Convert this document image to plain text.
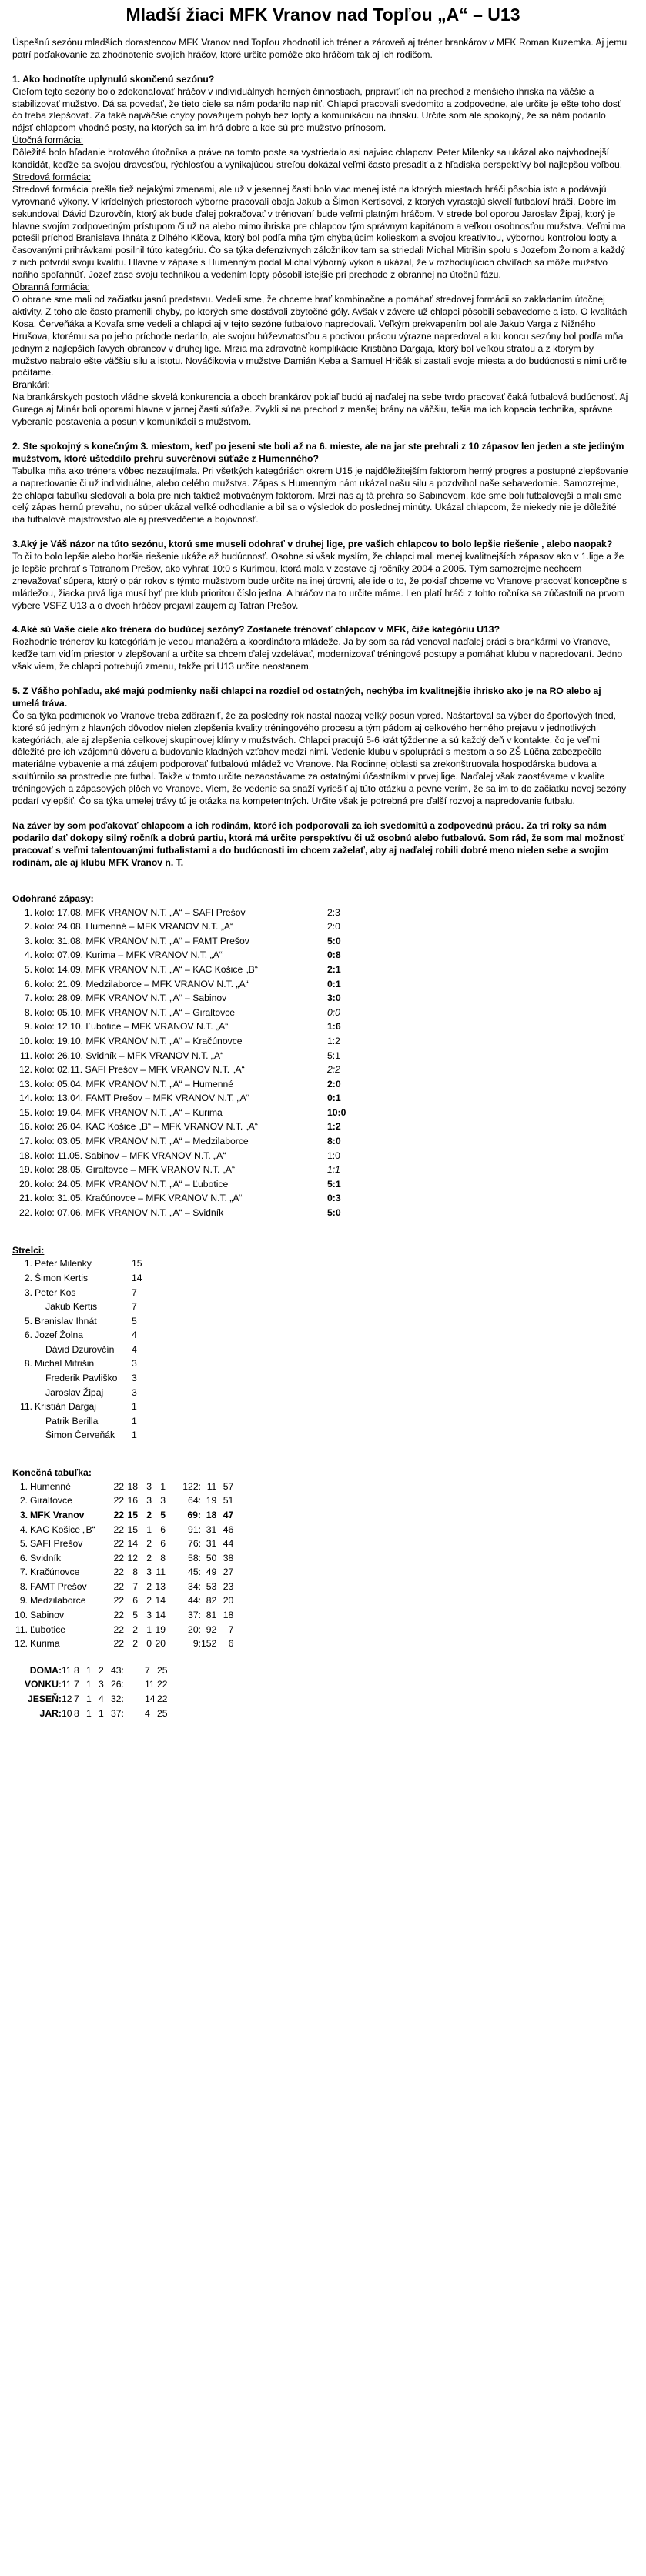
Mladší žiaci MFK Vranov nad Topľou „A“ – U13

Úspešnú sezónu mladších dorastencov MFK Vranov nad Topľou zhodnotil ich tréner a zároveň aj tréner brankárov v MFK Roman Kuzemka. Aj jemu patrí poďakovanie za zhodnotenie svojich hráčov, ktoré určite pomôže ako hráčom tak aj ich rodičom.

1. Ako hodnotíte uplynulú skončenú sezónu?

Cieľom tejto sezóny bolo zdokonaľovať hráčov v individuálnych herných činnostiach, pripraviť ich na prechod z menšieho ihriska na väčšie a stabilizovať mužstvo. Dá sa povedať, že tieto ciele sa nám podarilo naplniť. Chlapci pracovali svedomito a zodpovedne, ale určite je ešte toho dosť čo treba zlepšovať. Za také najväčšie chyby považujem pohyb bez lopty a komunikáciu na ihrisku. Určite som ale spokojný, že sa nám podarilo nájsť chlapcom vhodné posty, na ktorých sa im hrá dobre a kde sú pre mužstvo prínosom.

Útočná formácia:

Dôležité bolo hľadanie hrotového útočníka a práve na tomto poste sa vystriedalo asi najviac chlapcov. Peter Milenky sa ukázal ako najvhodnejší kandidát, keďže sa svojou dravosťou, rýchlosťou a vynikajúcou streľou dokázal veľmi často presadiť a z hľadiska perspektívy bol najlepšou voľbou.

Stredová formácia:

Stredová formácia prešla tiež nejakými zmenami, ale už v jesennej časti bolo viac menej isté na ktorých miestach hráči pôsobia isto a podávajú vyrovnané výkony. V krídelných priestoroch výborne pracovali obaja Jakub a Šimon Kertisovci, z ktorých vyrastajú skvelí futbaloví hráči. Dobre im sekundoval Dávid Dzurovčín, ktorý ak bude ďalej pokračovať v trénovaní bude veľmi platným hráčom. V strede bol oporou Jaroslav Žipaj, ktorý je hlavne svojím zodpovedným prístupom či už na alebo mimo ihriska pre chlapcov tým správnym kapitánom a veľkou osobnosťou mužstva. Veľmi ma potešil príchod Branislava Ihnáta z Dlhého Klčova, ktorý bol podľa mňa tým chýbajúcim kolieskom a svojou kreativitou, výbornou kontrolou lopty a časovanými prihrávkami posilnil túto kategóriu. Čo sa týka defenzívnych záložníkov tam sa striedali Michal Mitrišin spolu s Jozefom Žolnom a každý z nich potvrdil svoju kvalitu. Hlavne v zápase s Humenným podal Michal výborný výkon a ukázal, že v rozhodujúcich chvíľach sa môže mužstvo naňho spoľahnúť. Jozef zase svoju technikou a vedením lopty pôsobil istejšie pri prechode z obrannej na útočnú fázu.

Obranná formácia:

O obrane sme mali od začiatku jasnú predstavu. Vedeli sme, že chceme hrať kombinačne a pomáhať stredovej formácii so zakladaním útočnej aktivity. Z toho ale často pramenili chyby, po ktorých sme dostávali zbytočné góly. Avšak v závere už chlapci pôsobili sebavedome a isto. O kvalitách Kosa, Červeňáka a Kovaľa sme vedeli a chlapci aj v tejto sezóne futbalovo napredovali. Veľkým prekvapením bol ale Jakub Varga z Nižného Hrušova, ktorému sa po jeho príchode nedarilo, ale svojou húževnatosťou a poctivou prácou výrazne napredoval a ku koncu sezóny bol podľa mňa jedným z najlepších ľavých obrancov v druhej lige. Mrzia ma zdravotné komplikácie Kristiána Dargaja, ktorý bol veľkou stratou a z ktorým by mužstvo nabralo ešte väčšiu silu a istotu. Nováčikovia v mužstve Damián Keba a Samuel Hričák si zastali svoje miesta a do budúcnosti s nimi určite počítame.

Brankári:

Na brankárskych postoch vládne skvelá konkurencia a oboch brankárov pokiaľ budú aj naďalej na sebe tvrdo pracovať čaká futbalová budúcnosť. Aj Gurega aj Minár boli oporami hlavne v jarnej časti súťaže. Zvykli si na prechod z menšej brány na väčšiu, tešia ma ich kopacia technika, správne vyberanie postavenia a posun v komunikácii s mužstvom.

2. Ste spokojný s konečným 3. miestom, keď po jeseni ste boli až na 6. mieste, ale na jar ste prehrali z 10 zápasov len jeden a ste jediným mužstvom, ktoré ušteddilo prehru suverénovi súťaže z Humenného?

Tabuľka mňa ako trénera vôbec nezaujímala. Pri všetkých kategóriách okrem U15 je najdôležitejším faktorom herný progres a postupné zlepšovanie a napredovanie či už individuálne, alebo celého mužstva. Zápas s Humenným nám ukázal našu silu a pozdvihol naše sebavedomie. Samozrejme, že chlapci tabuľku sledovali a bola pre nich taktiež motivačným faktorom. Mrzí nás aj tá prehra so Sabinovom, kde sme boli futbalovejší a mali sme celý zápas hernú prevahu, no súper ukázal veľké odhodlanie a bil sa o výsledok do poslednej minúty. Ukázal chlapcom, že niekedy nie je dôležité iba futbalové majstrovstvo ale aj presvedčenie a bojovnosť.

3.Aký je Váš názor na túto sezónu, ktorú sme museli odohrať v druhej lige, pre vašich chlapcov to bolo lepšie riešenie , alebo naopak?

To či to bolo lepšie alebo horšie riešenie ukáže až budúcnosť. Osobne si však myslím, že chlapci mali menej kvalitnejších zápasov ako v 1.lige a že je lepšie prehrať s Tatranom Prešov, ako vyhrať 10:0 s Kurimou, ktorá mala v zostave aj ročníky 2004 a 2005. Tým samozrejme nechcem znevažovať súpera, ktorý o pár rokov s týmto mužstvom bude určite na inej úrovni, ale ide o to, že pokiaľ chceme vo Vranove pracovať koncepčne s mládežou, žiacka prvá liga musí byť pre klub prioritou číslo jedna. A hráčov na to určite máme. Len platí hráči z tohto ročníka sa zúčastnili na prvom výbere VSFZ U13 a o dvoch hráčov prejavil záujem aj Tatran Prešov.

4.Aké sú Vaše ciele ako trénera do budúcej sezóny? Zostanete trénovať chlapcov v MFK, čiže kategóriu U13?

Rozhodnie trénerov ku kategóriám je vecou manažéra a koordinátora mládeže. Ja by som sa rád venoval naďalej práci s brankármi vo Vranove, keďže tam vidím priestor v zlepšovaní a určite sa chcem ďalej vzdelávať, modernizovať tréningové postupy a pomáhať klubu v napredovaní. Jedno však viem, že chlapci potrebujú zmenu, takže pri U13 určite neostanem.

5. Z Vášho pohľadu, aké majú podmienky naši chlapci na rozdiel od ostatných, nechýba im kvalitnejšie ihrisko ako je na RO alebo aj umelá tráva.

Čo sa týka podmienok vo Vranove treba zdôrazniť, že za posledný rok nastal naozaj veľký posun vpred. Naštartoval sa výber do športových tried, ktoré sú jedným z hlavných dôvodov nielen zlepšenia kvality tréningového procesu a tým pádom aj celkového herného prejavu v jednotlivých kategóriách, ale aj zlepšenia celkovej skupinovej klímy v mužstvách. Chlapci pracujú 5-6 krát týždenne a sú každý deň v kontakte, čo je veľmi dôležité pre ich vzájomnú dôveru a budovanie kladných vzťahov medzi nimi. Vedenie klubu v spolupráci s mestom a so ZŠ Lúčna zabezpečilo materiálne vybavenie a má záujem podporovať futbalovú mládež vo Vranove. Na Rodinnej oblasti sa zrekonštruovala hospodárska budova a skultúrnilo sa prostredie pre futbal. Takže v tomto určite nezaostávame za ostatnými účastníkmi v prvej lige. Naďalej však zaostávame v kvalite tréningových a zápasových plôch vo Vranove. Viem, že vedenie sa snaží vyriešiť aj túto otázku a pevne verím, že sa im to do začiatku novej sezóny podarí vylepšiť. Čo sa týka umelej trávy tú je otázka na kompetentných. Určite však je potrebná pre ďalší rozvoj a napredovanie futbalu.

Na záver by som poďakovať chlapcom a ich rodinám, ktoré ich podporovali za ich svedomitú a zodpovednú prácu. Za tri roky sa nám podarilo dať dokopy silný ročník a dobrú partiu, ktorá má určite perspektívu či už osobnú alebo futbalovú. Som rád, že som mal možnosť pracovať s veľmi talentovanými futbalistami a do budúcnosti im chcem zaželať, aby aj naďalej robili dobré meno nielen sebe a svojim rodinám, ale aj klubu MFK Vranov n. T.

Odohrané zápasy:

1.	kolo: 17.08. MFK VRANOV N.T. „A“ – SAFI Prešov	2:3
2.	kolo: 24.08. Humenné – MFK VRANOV N.T. „A“	2:0
3.	kolo: 31.08. MFK VRANOV N.T. „A“ – FAMT Prešov	5:0
4.	kolo: 07.09. Kurima – MFK VRANOV N.T. „A“	0:8
5.	kolo: 14.09. MFK VRANOV N.T. „A“ – KAC Košice „B“	2:1
6.	kolo: 21.09. Medzilaborce – MFK VRANOV N.T. „A“	0:1
7.	kolo: 28.09. MFK VRANOV N.T. „A“ – Sabinov	3:0
8.	kolo: 05.10. MFK VRANOV N.T. „A“ – Giraltovce	0:0
9.	kolo: 12.10. Ľubotice – MFK VRANOV N.T. „A“	1:6
10.	kolo: 19.10. MFK VRANOV N.T. „A“ – Kračúnovce	1:2
11.	kolo: 26.10. Svidník – MFK VRANOV N.T. „A“	5:1
12.	kolo: 02.11. SAFI Prešov – MFK VRANOV N.T. „A“	2:2
13.	kolo: 05.04. MFK VRANOV N.T. „A“ – Humenné	2:0
14.	kolo: 13.04. FAMT Prešov – MFK VRANOV N.T. „A“	0:1
15.	kolo: 19.04. MFK VRANOV N.T. „A“ – Kurima	10:0
16.	kolo: 26.04. KAC Košice „B“ – MFK VRANOV N.T. „A“	1:2
17.	kolo: 03.05. MFK VRANOV N.T. „A“ – Medzilaborce	8:0
18.	kolo: 11.05. Sabinov – MFK VRANOV N.T. „A“	1:0
19.	kolo: 28.05. Giraltovce – MFK VRANOV N.T. „A“	1:1
20.	kolo: 24.05. MFK VRANOV N.T. „A“ – Ľubotice	5:1
21.	kolo: 31.05. Kračúnovce – MFK VRANOV N.T. „A“	0:3
22.	kolo: 07.06. MFK VRANOV N.T. „A“ – Svidník	5:0

Strelci:

1.	Peter Milenky	15
2.	Šimon Kertis	14
3.	Peter Kos	7
	Jakub Kertis	7
5.	Branislav Ihnát	5
6.	Jozef Žolna	4
	Dávid Dzurovčín	4
8.	Michal Mitrišin	3
	Frederik Pavliško	3
	Jaroslav Žipaj	3
11.	Kristián Dargaj	1
	Patrik Berilla	1
	Šimon Červeňák	1

Konečná tabuľka:

1.	Humenné	22	18	3	1	122:	11	57
2.	Giraltovce	22	16	3	3	64:	19	51
3.	MFK Vranov	22	15	2	5	69:	18	47
4.	KAC Košice „B“	22	15	1	6	91:	31	46
5.	SAFI Prešov	22	14	2	6	76:	31	44
6.	Svidník	22	12	2	8	58:	50	38
7.	Kračúnovce	22	8	3	11	45:	49	27
8.	FAMT Prešov	22	7	2	13	34:	53	23
9.	Medzilaborce	22	6	2	14	44:	82	20
10.	Sabinov	22	5	3	14	37:	81	18
11.	Ľubotice	22	2	1	19	20:	92	7
12.	Kurima	22	2	0	20	9:	152	6
DOMA:	11	8	1	2	43:	7	25
VONKU:	11	7	1	3	26:	11	22
JESEŇ:	12	7	1	4	32:	14	22
JAR:	10	8	1	1	37:	4	25
